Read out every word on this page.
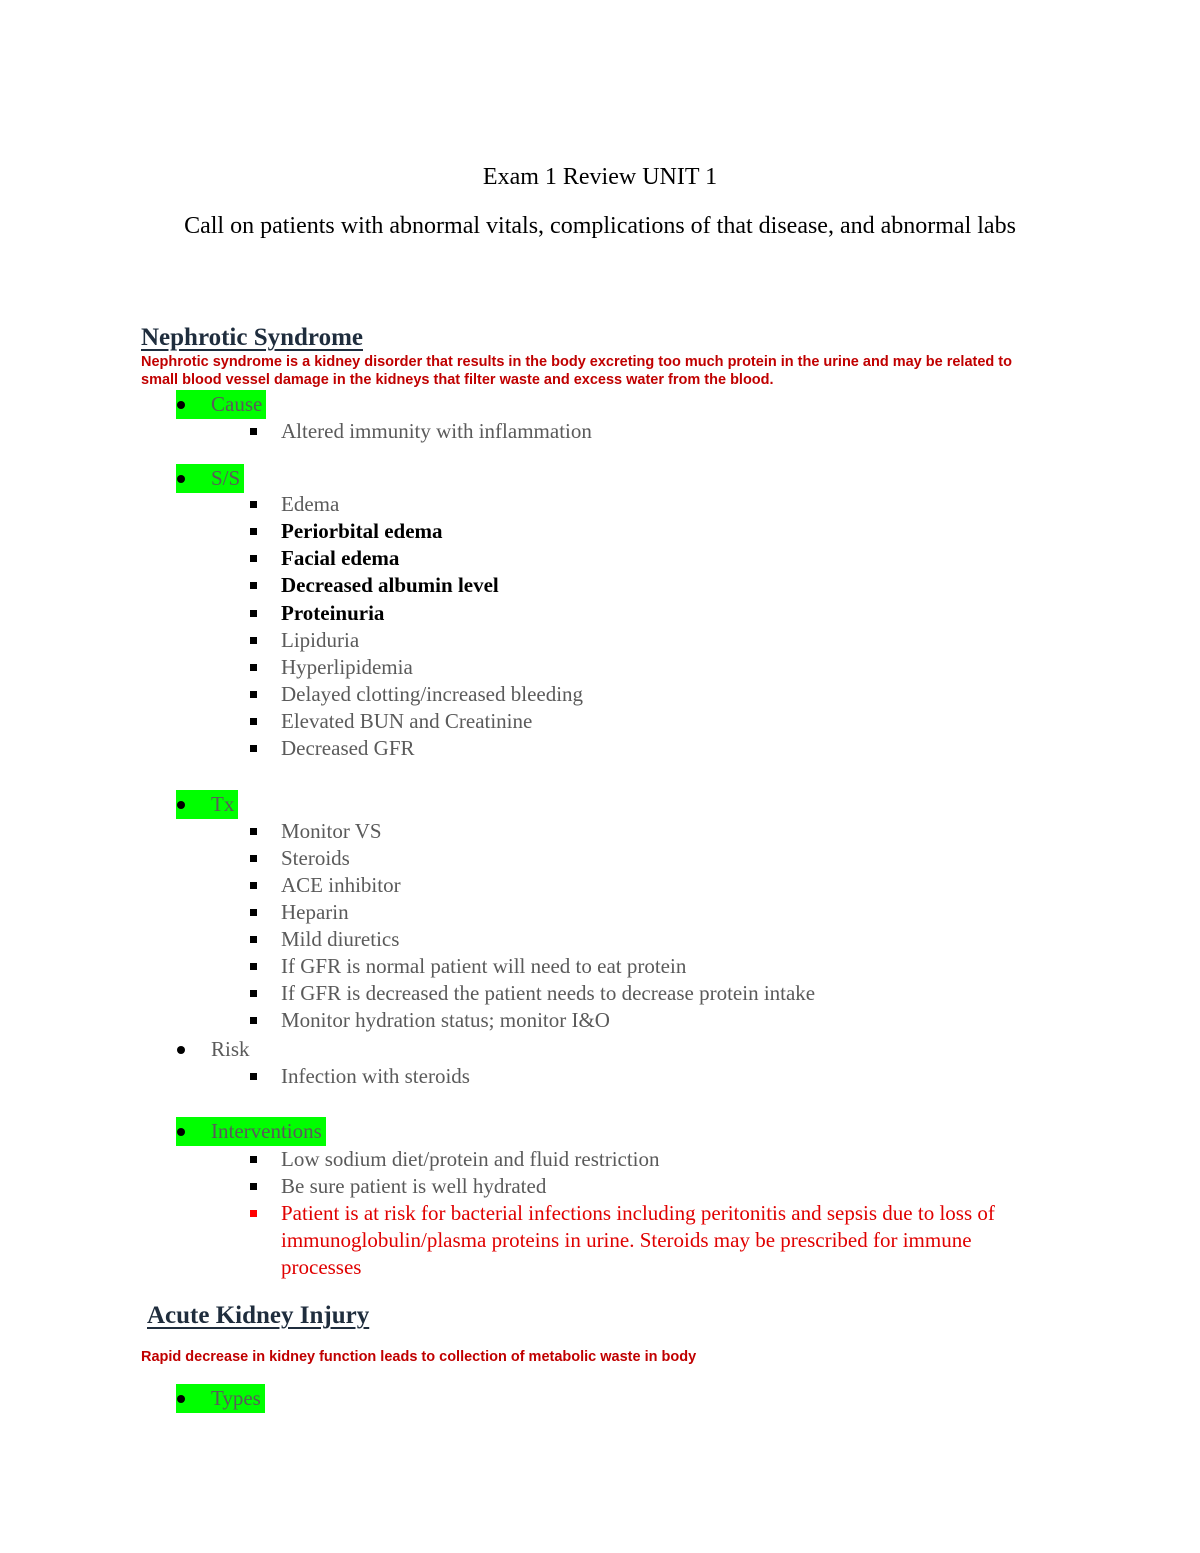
Exam 1 Review UNIT 1
Call on patients with abnormal vitals, complications of that disease, and abnormal labs
Nephrotic Syndrome
Nephrotic syndrome is a kidney disorder that results in the body excreting too much protein in the urine and may be related to small blood vessel damage in the kidneys that filter waste and excess water from the blood.
Cause
Altered immunity with inflammation
S/S
Edema
Periorbital edema
Facial edema
Decreased albumin level
Proteinuria
Lipiduria
Hyperlipidemia
Delayed clotting/increased bleeding
Elevated BUN and Creatinine
Decreased GFR
Tx
Monitor VS
Steroids
ACE inhibitor
Heparin
Mild diuretics
If GFR is normal patient will need to eat protein
If GFR is decreased the patient needs to decrease protein intake
Monitor hydration status; monitor I&O
Risk
Infection with steroids
Interventions
Low sodium diet/protein and fluid restriction
Be sure patient is well hydrated
Patient is at risk for bacterial infections including peritonitis and sepsis due to loss of immunoglobulin/plasma proteins in urine. Steroids may be prescribed for immune processes
Acute Kidney Injury
Rapid decrease in kidney function leads to collection of metabolic waste in body
Types
